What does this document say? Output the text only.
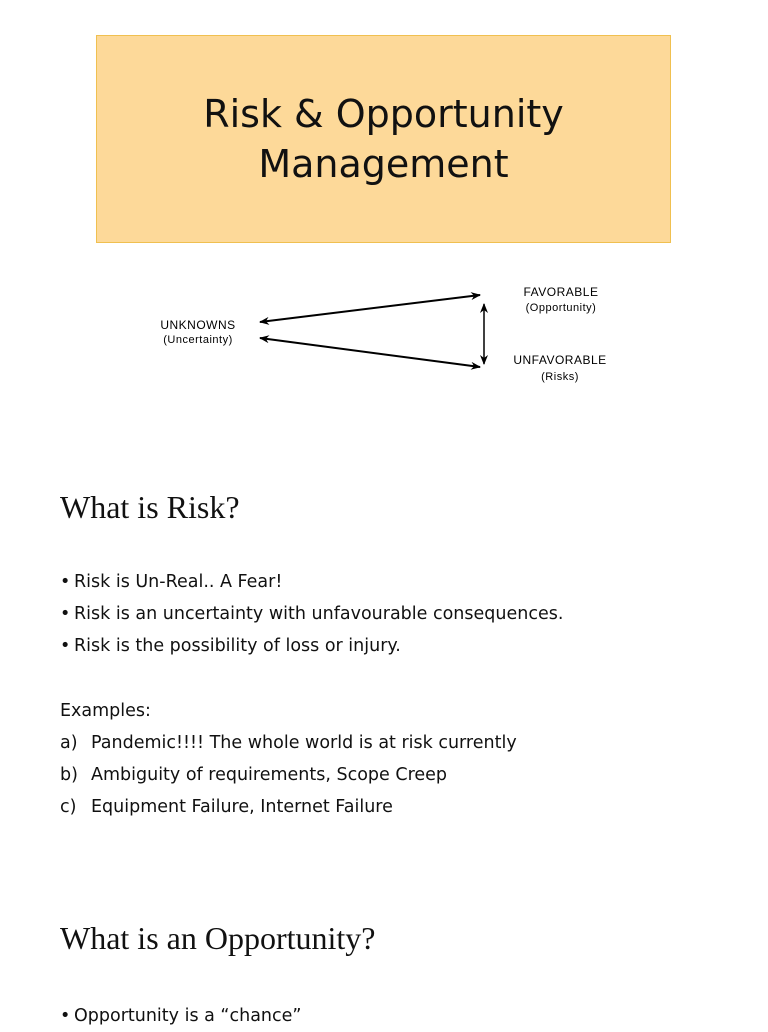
Risk & Opportunity
Management
UNKNOWNS
(Uncertainty)
FAVORABLE
(Opportunity)
UNFAVORABLE
(Risks)
What is Risk?
• Risk is Un-Real.. A Fear!
• Risk is an uncertainty with unfavourable consequences.
• Risk is the possibility of loss or injury.
Examples:
a) Pandemic!!!! The whole world is at risk currently
b) Ambiguity of requirements, Scope Creep
c) Equipment Failure, Internet Failure
What is an Opportunity?
• Opportunity is a “chance”
